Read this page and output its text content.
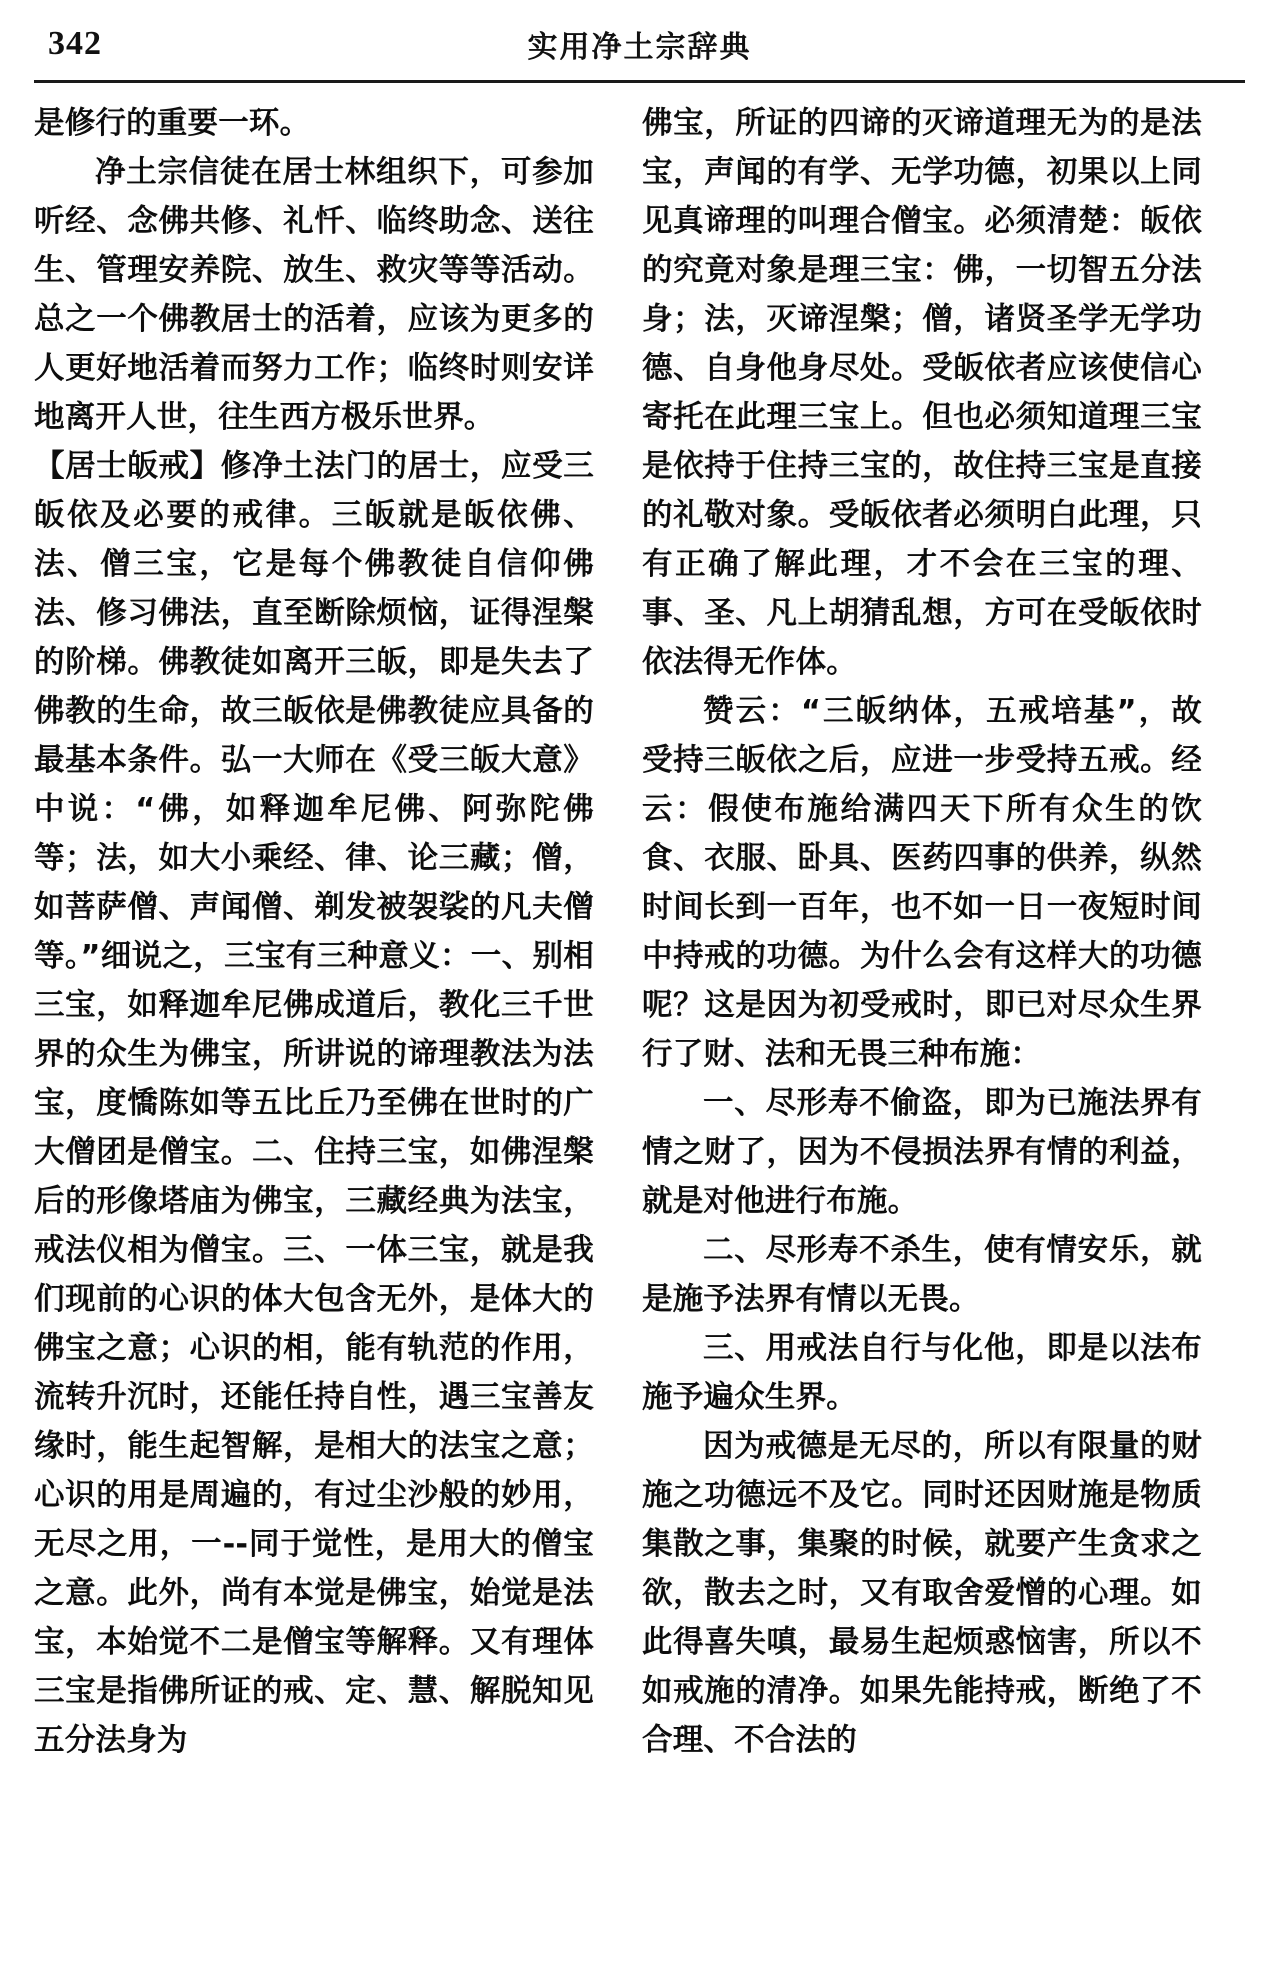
342	实用净土宗辞典

是修行的重要一环。

净土宗信徒在居士林组织下，可参加听经、念佛共修、礼忏、临终助念、送往生、管理安养院、放生、救灾等等活动。总之一个佛教居士的活着，应该为更多的人更好地活着而努力工作；临终时则安详地离开人世，往生西方极乐世界。

【居士皈戒】修净土法门的居士，应受三皈依及必要的戒律。三皈就是皈依佛、法、僧三宝，它是每个佛教徒自信仰佛法、修习佛法，直至断除烦恼，证得涅槃的阶梯。佛教徒如离开三皈，即是失去了佛教的生命，故三皈依是佛教徒应具备的最基本条件。弘一大师在《受三皈大意》中说：“佛，如释迦牟尼佛、阿弥陀佛等；法，如大小乘经、律、论三藏；僧，如菩萨僧、声闻僧、剃发被袈裟的凡夫僧等。”细说之，三宝有三种意义：一、别相三宝，如释迦牟尼佛成道后，教化三千世界的众生为佛宝，所讲说的谛理教法为法宝，度憍陈如等五比丘乃至佛在世时的广大僧团是僧宝。二、住持三宝，如佛涅槃后的形像塔庙为佛宝，三藏经典为法宝，戒法仪相为僧宝。三、一体三宝，就是我们现前的心识的体大包含无外，是体大的佛宝之意；心识的相，能有轨范的作用，流转升沉时，还能任持自性，遇三宝善友缘时，能生起智解，是相大的法宝之意；心识的用是周遍的，有过尘沙般的妙用，无尽之用，一--同于觉性，是用大的僧宝之意。此外，尚有本觉是佛宝，始觉是法宝，本始觉不二是僧宝等解释。又有理体三宝是指佛所证的戒、定、慧、解脱知见五分法身为

佛宝，所证的四谛的灭谛道理无为的是法宝，声闻的有学、无学功德，初果以上同见真谛理的叫理合僧宝。必须清楚：皈依的究竟对象是理三宝：佛，一切智五分法身；法，灭谛涅槃；僧，诸贤圣学无学功德、自身他身尽处。受皈依者应该使信心寄托在此理三宝上。但也必须知道理三宝是依持于住持三宝的，故住持三宝是直接的礼敬对象。受皈依者必须明白此理，只有正确了解此理，才不会在三宝的理、事、圣、凡上胡猜乱想，方可在受皈依时依法得无作体。

赞云：“三皈纳体，五戒培基”，故受持三皈依之后，应进一步受持五戒。经云：假使布施给满四天下所有众生的饮食、衣服、卧具、医药四事的供养，纵然时间长到一百年，也不如一日一夜短时间中持戒的功德。为什么会有这样大的功德呢？这是因为初受戒时，即已对尽众生界行了财、法和无畏三种布施：

一、尽形寿不偷盗，即为已施法界有情之财了，因为不侵损法界有情的利益，就是对他进行布施。

二、尽形寿不杀生，使有情安乐，就是施予法界有情以无畏。

三、用戒法自行与化他，即是以法布施予遍众生界。

因为戒德是无尽的，所以有限量的财施之功德远不及它。同时还因财施是物质集散之事，集聚的时候，就要产生贪求之欲，散去之时，又有取舍爱憎的心理。如此得喜失嗔，最易生起烦惑恼害，所以不如戒施的清净。如果先能持戒，断绝了不合理、不合法的
